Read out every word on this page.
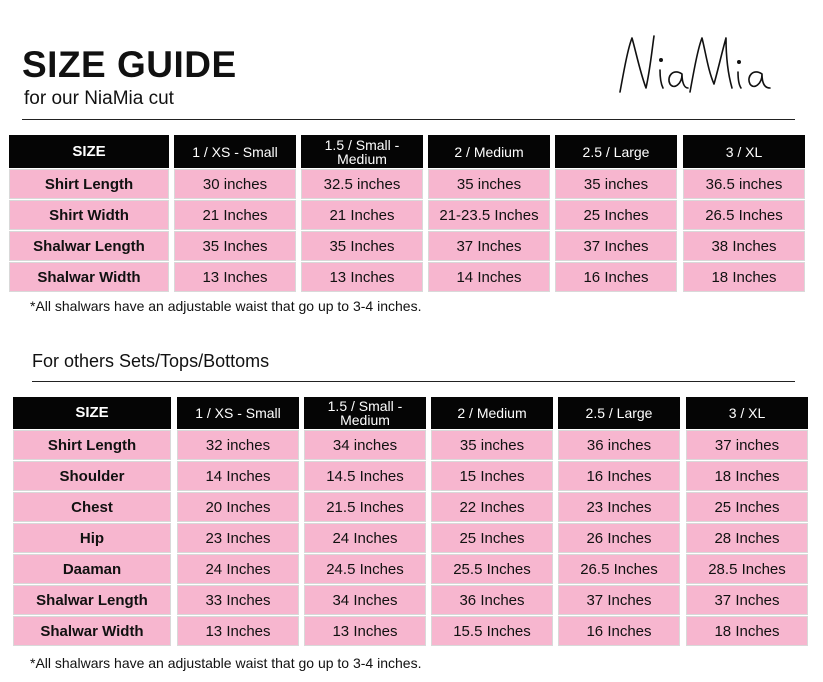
SIZE GUIDE
for our NiaMia cut
SIZE	1 / XS - Small	1.5 / Small - Medium	2 / Medium	2.5 / Large	3 / XL
Shirt Length	30 inches	32.5 inches	35 inches	35 inches	36.5 inches
Shirt Width	21 Inches	21 Inches	21-23.5 Inches	25 Inches	26.5 Inches
Shalwar Length	35 Inches	35 Inches	37 Inches	37 Inches	38 Inches
Shalwar Width	13 Inches	13 Inches	14 Inches	16 Inches	18 Inches
*All shalwars have an adjustable waist that go up to 3-4 inches.
For others Sets/Tops/Bottoms
SIZE	1 / XS - Small	1.5 / Small - Medium	2 / Medium	2.5 / Large	3 / XL
Shirt Length	32 inches	34 inches	35 inches	36 inches	37 inches
Shoulder	14 Inches	14.5 Inches	15 Inches	16 Inches	18 Inches
Chest	20 Inches	21.5 Inches	22 Inches	23 Inches	25 Inches
Hip	23 Inches	24 Inches	25 Inches	26 Inches	28 Inches
Daaman	24 Inches	24.5 Inches	25.5 Inches	26.5 Inches	28.5 Inches
Shalwar Length	33 Inches	34 Inches	36 Inches	37 Inches	37 Inches
Shalwar Width	13 Inches	13 Inches	15.5 Inches	16 Inches	18 Inches
*All shalwars have an adjustable waist that go up to 3-4 inches.
